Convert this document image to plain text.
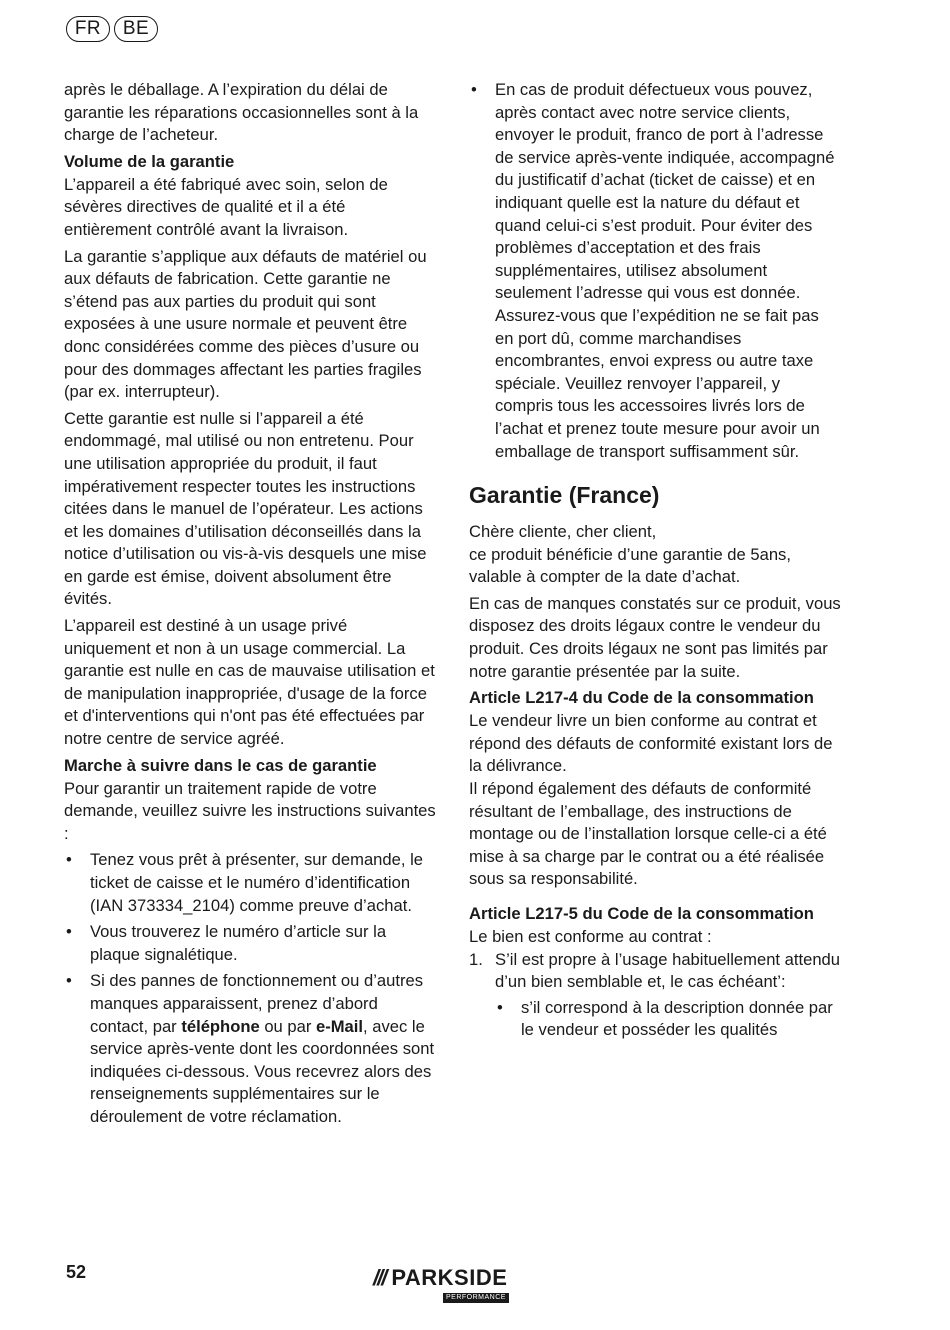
FR	BE

après le déballage. A l’expiration du délai de garantie les réparations occasionnelles sont à la charge de l’acheteur.

Volume de la garantie

L’appareil a été fabriqué avec soin, selon de sévères directives de qualité et il a été entièrement contrôlé avant la livraison.

La garantie s’applique aux défauts de matériel ou aux défauts de fabrication. Cette garantie ne s’étend pas aux parties du produit qui sont exposées à une usure normale et peuvent être donc considérées comme des pièces d’usure ou pour des dommages affectant les parties fragiles (par ex. interrupteur).

Cette garantie est nulle si l’appareil a été endommagé, mal utilisé ou non entretenu. Pour une utilisation appropriée du produit, il faut impérativement respecter toutes les instructions citées dans le manuel de l’opérateur. Les actions et les domaines d’utilisation déconseillés dans la notice d’utilisation ou vis-à-vis desquels une mise en garde est émise, doivent absolument être évités.

L’appareil est destiné à un usage privé uniquement et non à un usage commercial. La garantie est nulle en cas de mauvaise utilisation et de manipulation inappropriée, d'usage de la force et d'interventions qui n'ont pas été effectuées par notre centre de service agréé.

Marche à suivre dans le cas de garantie

Pour garantir un traitement rapide de votre demande, veuillez suivre les instructions suivantes :

• Tenez vous prêt à présenter, sur demande, le ticket de caisse et le numéro d’identification (IAN 373334_2104) comme preuve d’achat.
• Vous trouverez le numéro d’article sur la plaque signalétique.
• Si des pannes de fonctionnement ou d’autres manques apparaissent, prenez d’abord contact, par téléphone ou par e-Mail, avec le service après-vente dont les coordonnées sont indiquées ci-dessous. Vous recevrez alors des renseignements supplémentaires sur le déroulement de votre réclamation.
• En cas de produit défectueux vous pouvez, après contact avec notre service clients, envoyer le produit, franco de port à l’adresse de service après-vente indiquée, accompagné du justificatif d’achat (ticket de caisse) et en indiquant quelle est la nature du défaut et quand celui-ci s’est produit. Pour éviter des problèmes d’acceptation et des frais supplémentaires, utilisez absolument seulement l’adresse qui vous est donnée. Assurez-vous que l’expédition ne se fait pas en port dû, comme marchandises encombrantes, envoi express ou autre taxe spéciale. Veuillez renvoyer l’appareil, y compris tous les accessoires livrés lors de l’achat et prenez toute mesure pour avoir un emballage de transport suffisamment sûr.
Garantie (France)

Chère cliente, cher client,
ce produit bénéficie d’une garantie de 5ans, valable à compter de la date d’achat.

En cas de manques constatés sur ce produit, vous disposez des droits légaux contre le vendeur du produit. Ces droits légaux ne sont pas limités par notre garantie présentée par la suite.

Article L217-4 du Code de la consommation

Le vendeur livre un bien conforme au contrat et répond des défauts de conformité existant lors de la délivrance.

Il répond également des défauts de conformité résultant de l’emballage, des instructions de montage ou de l’installation lorsque celle-ci a été mise à sa charge par le contrat ou a été réalisée sous sa responsabilité.

Article L217-5 du Code de la consommation

Le bien est conforme au contrat :

1. S’il est propre à l’usage habituellement attendu d’un bien semblable et, le cas échéant’:
• s’il correspond à la description donnée par le vendeur et posséder les qualités
52	/// PARKSIDE
PERFORMANCE
